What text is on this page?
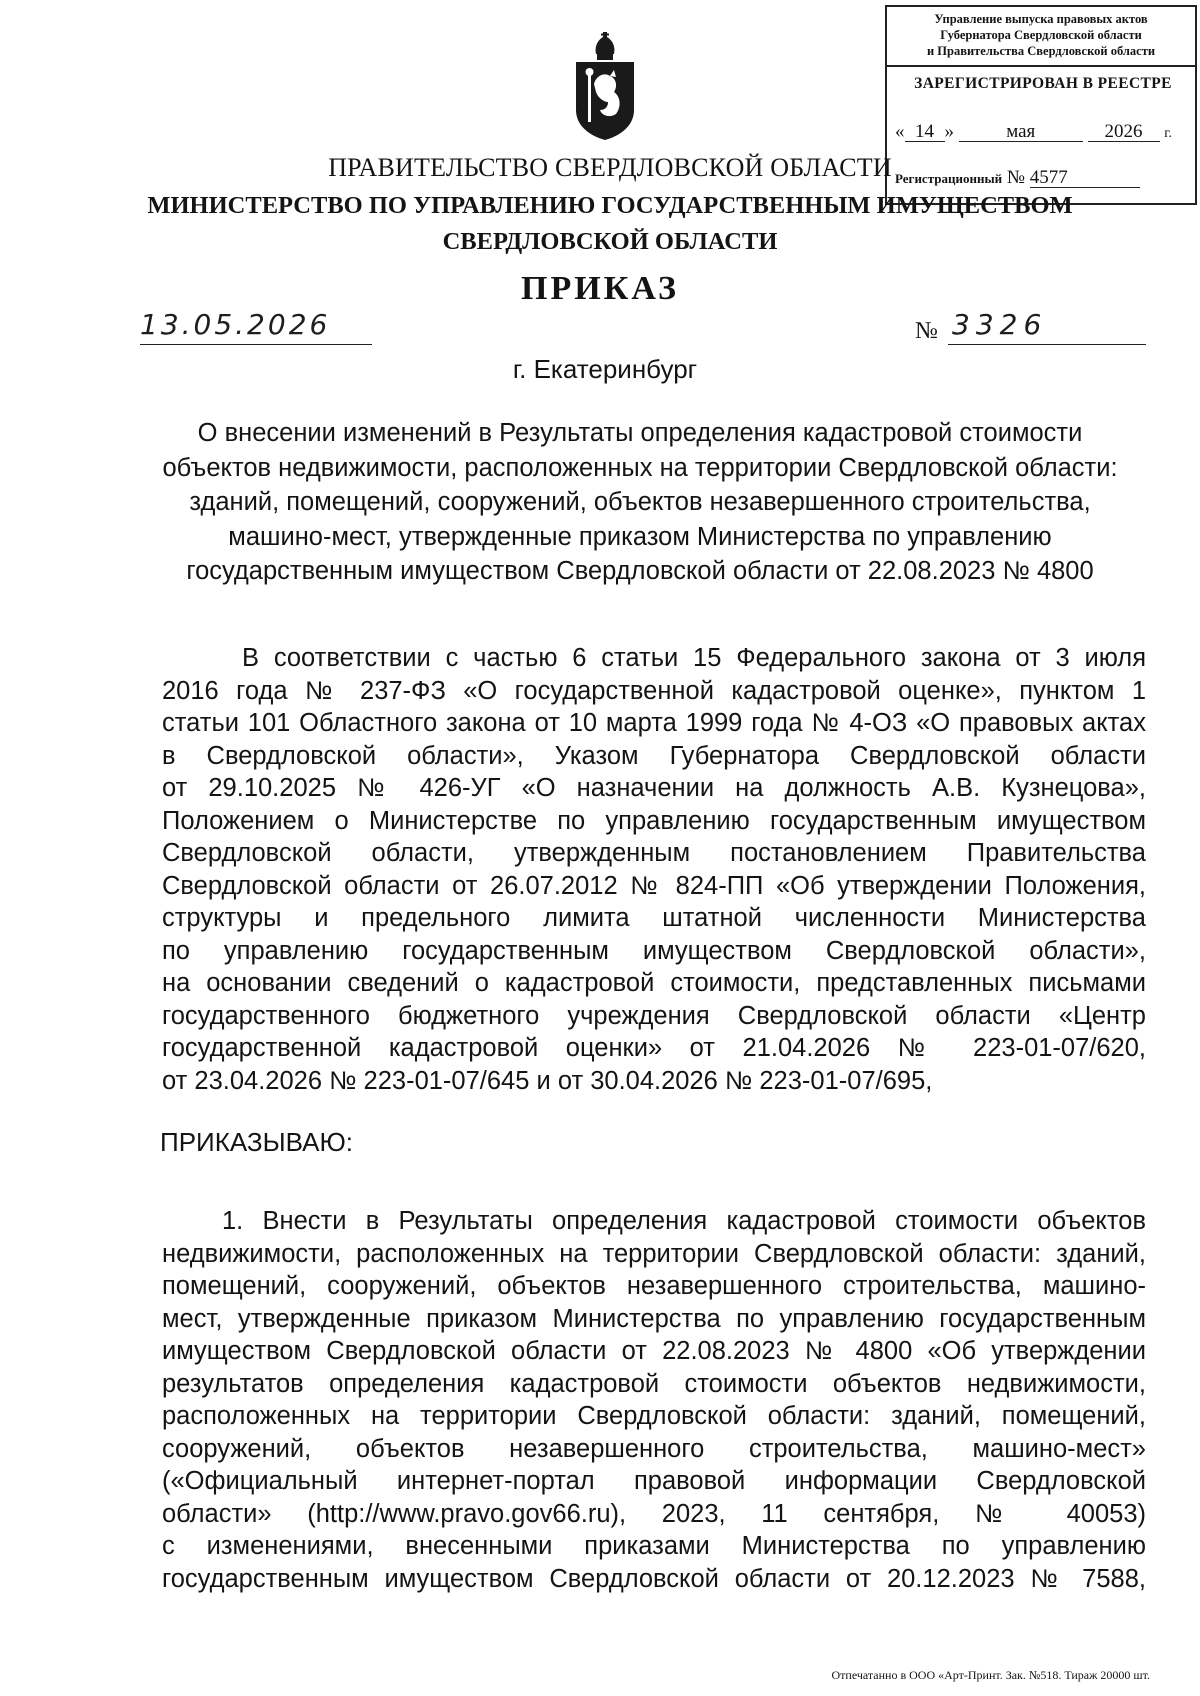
Управление выпуска правовых актов
Губернатора Свердловской области
и Правительства Свердловской области
ЗАРЕГИСТРИРОВАН В РЕЕСТРЕ
« 14 »	мая	2026 г.
Регистрационный № 4577
ПРАВИТЕЛЬСТВО СВЕРДЛОВСКОЙ ОБЛАСТИ
МИНИСТЕРСТВО ПО УПРАВЛЕНИЮ ГОСУДАРСТВЕННЫМ ИМУЩЕСТВОМ
СВЕРДЛОВСКОЙ ОБЛАСТИ
ПРИКАЗ
13.05.2026	№ 3326
г. Екатеринбург
О внесении изменений в Результаты определения кадастровой стоимости
объектов недвижимости, расположенных на территории Свердловской области:
зданий, помещений, сооружений, объектов незавершенного строительства,
машино-мест, утвержденные приказом Министерства по управлению
государственным имуществом Свердловской области от 22.08.2023 № 4800
В соответствии с частью 6 статьи 15 Федерального закона от 3 июля
2016 года № 237-ФЗ «О государственной кадастровой оценке», пунктом 1
статьи 101 Областного закона от 10 марта 1999 года № 4-ОЗ «О правовых актах
в Свердловской области», Указом Губернатора Свердловской области
от 29.10.2025 № 426-УГ «О назначении на должность А.В. Кузнецова»,
Положением о Министерстве по управлению государственным имуществом
Свердловской области, утвержденным постановлением Правительства
Свердловской области от 26.07.2012 № 824-ПП «Об утверждении Положения,
структуры и предельного лимита штатной численности Министерства
по управлению государственным имуществом Свердловской области»,
на основании сведений о кадастровой стоимости, представленных письмами
государственного бюджетного учреждения Свердловской области «Центр
государственной кадастровой оценки» от 21.04.2026 № 223-01-07/620,
от 23.04.2026 № 223-01-07/645 и от 30.04.2026 № 223-01-07/695,
ПРИКАЗЫВАЮ:
1. Внести в Результаты определения кадастровой стоимости объектов
недвижимости, расположенных на территории Свердловской области: зданий,
помещений, сооружений, объектов незавершенного строительства, машино-
мест, утвержденные приказом Министерства по управлению государственным
имуществом Свердловской области от 22.08.2023 № 4800 «Об утверждении
результатов определения кадастровой стоимости объектов недвижимости,
расположенных на территории Свердловской области: зданий, помещений,
сооружений, объектов незавершенного строительства, машино-мест»
(«Официальный интернет-портал правовой информации Свердловской
области» (http://www.pravo.gov66.ru), 2023, 11 сентября, № 40053)
с изменениями, внесенными приказами Министерства по управлению
государственным имуществом Свердловской области от 20.12.2023 № 7588,
Отпечатанно в ООО «Арт-Принт. Зак. №518. Тираж 20000 шт.
